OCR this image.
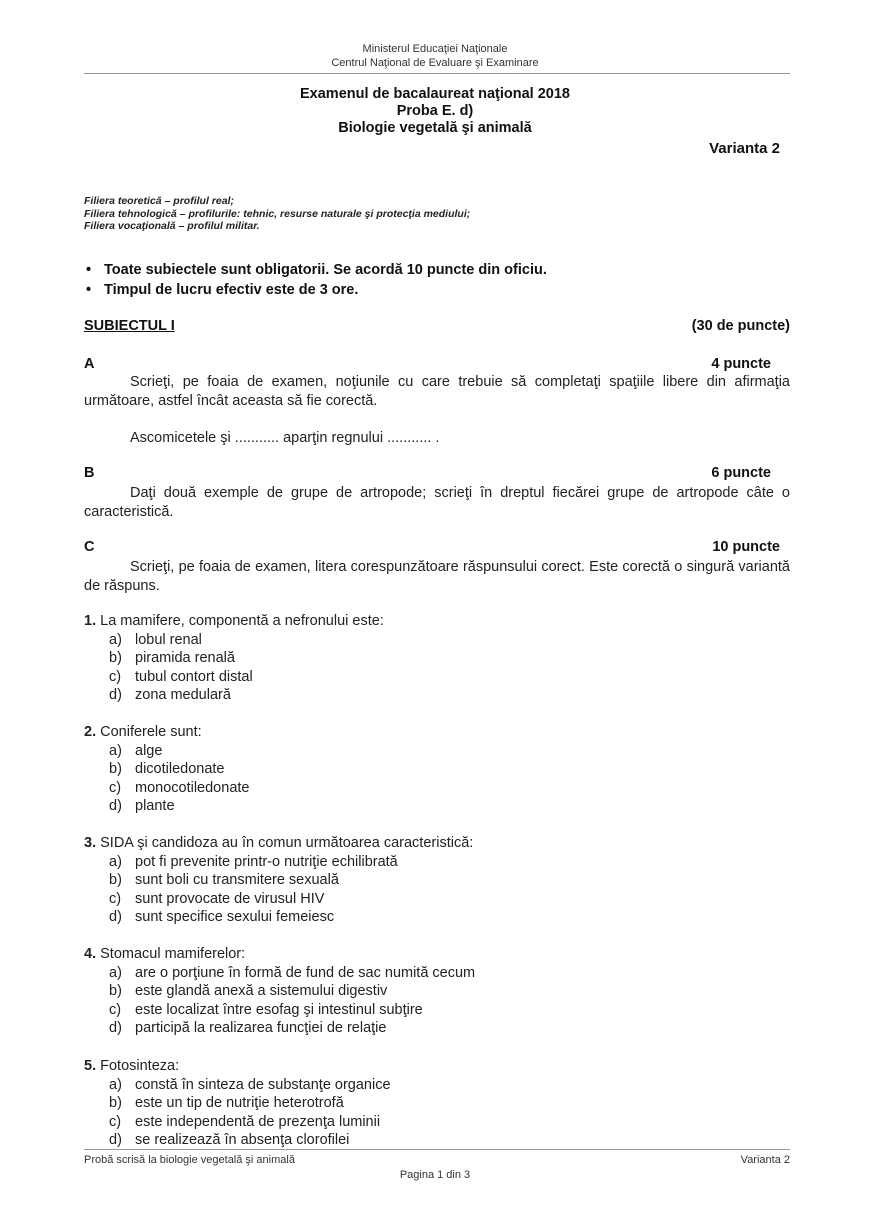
Ministerul Educaţiei Naţionale
Centrul Naţional de Evaluare şi Examinare
Examenul de bacalaureat naţional 2018
Proba E. d)
Biologie vegetală şi animală
Varianta 2
Filiera teoretică – profilul real;
Filiera tehnologică – profilurile: tehnic, resurse naturale şi protecţia mediului;
Filiera vocaţională – profilul militar.
• Toate subiectele sunt obligatorii. Se acordă 10 puncte din oficiu.
• Timpul de lucru efectiv este de 3 ore.
SUBIECTUL I	(30 de puncte)
A	4 puncte
Scrieţi, pe foaia de examen, noţiunile cu care trebuie să completaţi spaţiile libere din afirmaţia următoare, astfel încât aceasta să fie corectă.
Ascomicetele şi ........... aparţin regnului ........... .
B	6 puncte
Daţi două exemple de grupe de artropode; scrieţi în dreptul fiecărei grupe de artropode câte o caracteristică.
C	10 puncte
Scrieţi, pe foaia de examen, litera corespunzătoare răspunsului corect. Este corectă o singură variantă de răspuns.
1. La mamifere, componentă a nefronului este:
a) lobul renal
b) piramida renală
c) tubul contort distal
d) zona medulară
2. Coniferele sunt:
a) alge
b) dicotiledonate
c) monocotiledonate
d) plante
3. SIDA şi candidoza au în comun următoarea caracteristică:
a) pot fi prevenite printr-o nutriţie echilibrată
b) sunt boli cu transmitere sexuală
c) sunt provocate de virusul HIV
d) sunt specifice sexului femeiesc
4. Stomacul mamiferelor:
a) are o porţiune în formă de fund de sac numită cecum
b) este glandă anexă a sistemului digestiv
c) este localizat între esofag şi intestinul subţire
d) participă la realizarea funcţiei de relaţie
5. Fotosinteza:
a) constă în sinteza de substanţe organice
b) este un tip de nutriţie heterotrofă
c) este independentă de prezenţa luminii
d) se realizează în absenţa clorofilei
Probă scrisă la biologie vegetală şi animală	Varianta 2
Pagina 1 din 3
